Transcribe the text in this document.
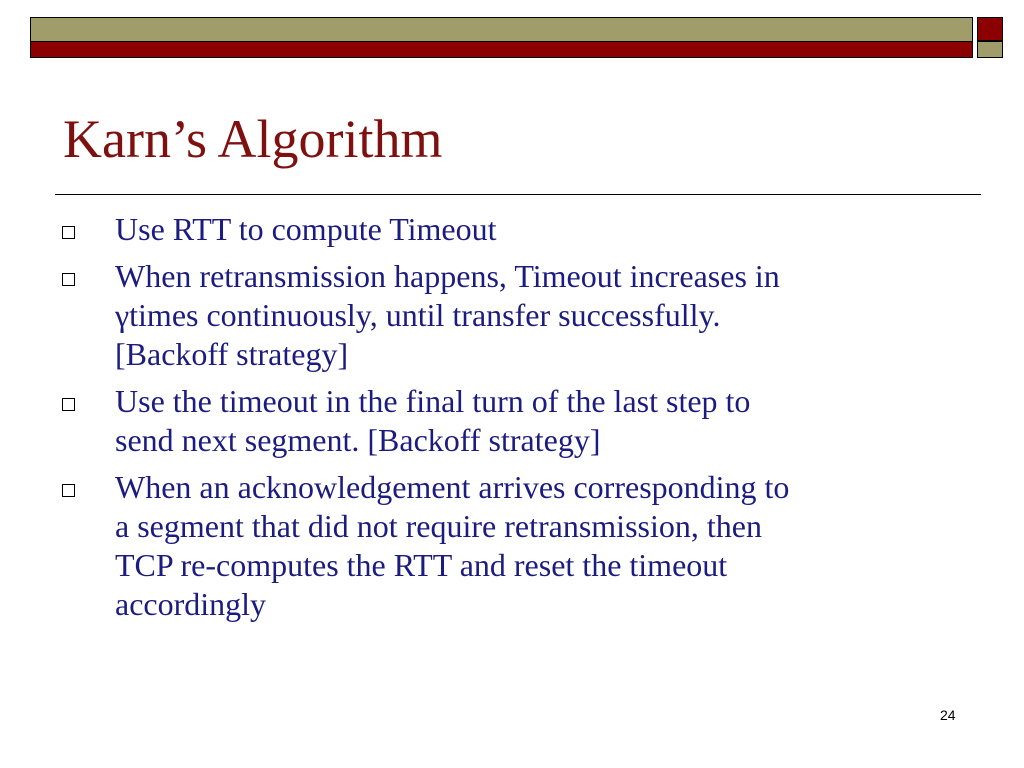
Karn’s Algorithm
Use RTT to compute Timeout
When retransmission happens, Timeout increases in
γtimes continuously, until transfer successfully.
[Backoff strategy]
Use the timeout in the final turn of the last step to
send next segment. [Backoff strategy]
When an acknowledgement arrives corresponding to
a segment that did not require retransmission, then
TCP re-computes the RTT and reset the timeout
accordingly
24
